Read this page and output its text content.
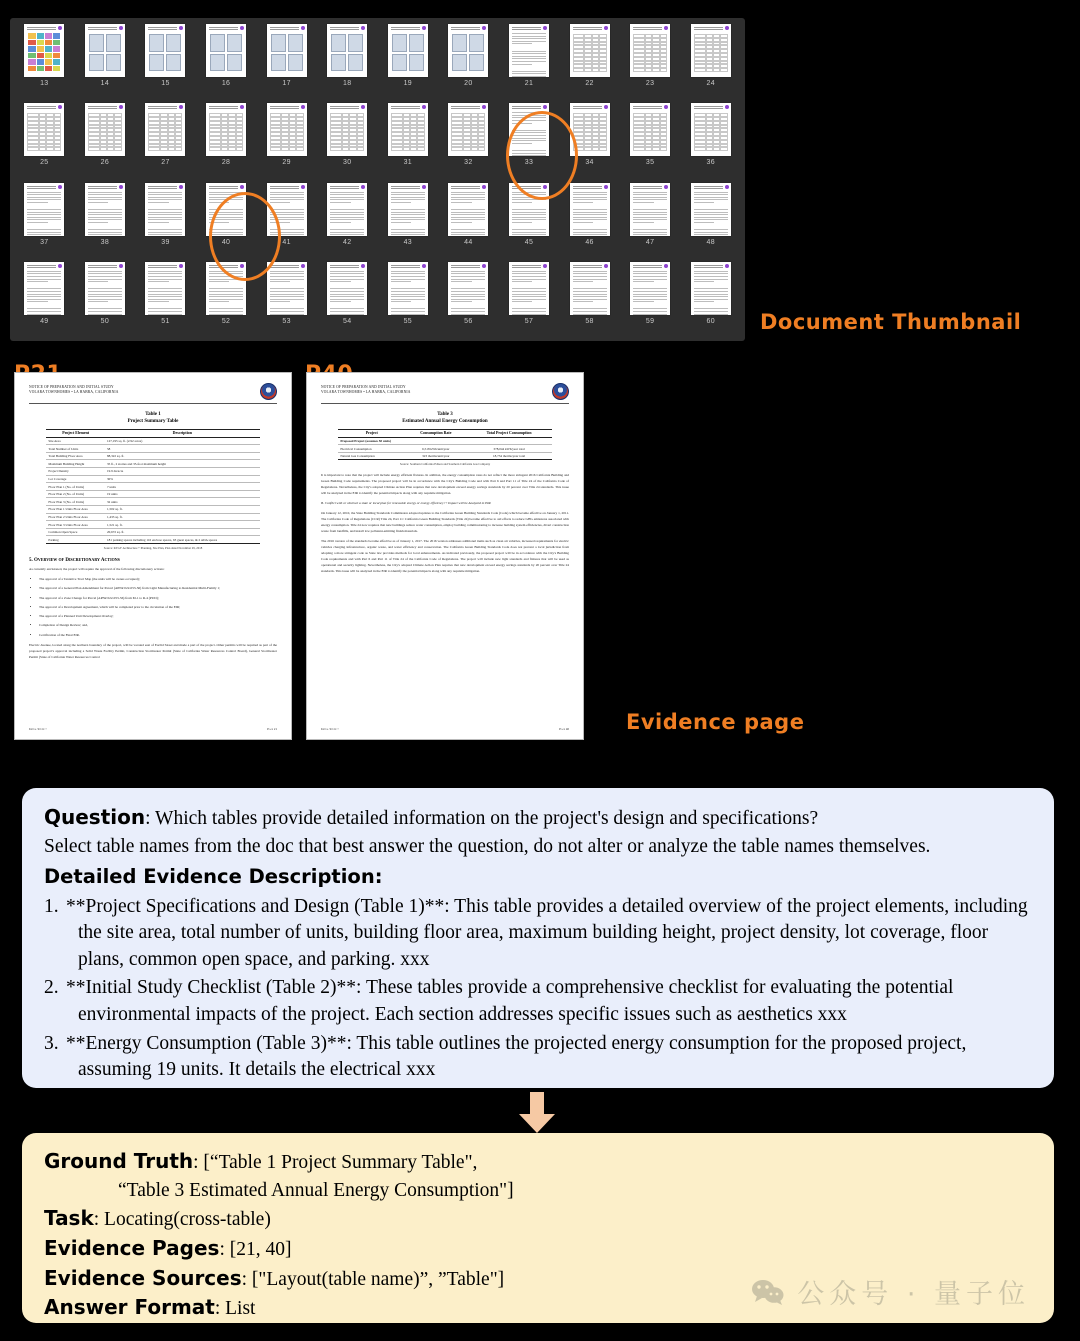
13	14	15	16	17	18	19	20	21	22	23	24
25	26	27	28	29	30	31	32	33	34	35	36
37	38	39	40	41	42	43	44	45	46	47	48
49	50	51	52	53	54	55	56	57	58	59	60 Document Thumbnail
NOTICE OF PREPARATION AND INITIAL STUDY
VOLARA TOWNHOMES • LA HABRA, CALIFORNIA
Table 1
Project Summary Table
Project Element	Description
Site Area	127,195 sq. ft. (2.92 acres)
Total Number of Units	58
Total Building Floor Area	88,322 sq. ft.
Maximum Building Height	35 ft., 2 stories and 35-foot maximum height
Project Density	19.9 du/acre
Lot Coverage	30%
Floor Plan 1 (No. of Units)	7 units
Floor Plan 2 (No. of Units)	19 units
Floor Plan 3 (No. of Units)	32 units
Floor Plan 1 Units Floor Area	1,502 sq. ft.
Floor Plan 2 Units Floor Area	1,433 sq. ft.
Floor Plan 3 Units Floor Area	1,521 sq. ft.
Common Open Space	20,672 sq. ft.
Parking	181 parking spaces including 116 enclose spaces, 63 guest spaces, & 2 ADA spaces
Source: KTGY Architecture + Planning, Site Plan, Plan dated November 29, 2018
5. Overview of Discretionary Actions

As currently envisioned, the project will require the approval of the following discretionary actions:

• The approval of a Tentative Tract Map (the units will be owner-occupied);
• The approval of a General Plan Amendment for Parcel (APN# 022-053-56) from Light Manufacturing to Residential Multi-Family 1;
• The approval of a Zone Change for Parcel (APN# 022-053-56) from M-1 to R-4 (PUD);
• The approval of a Development Agreement, which will be completed prior to the circulation of the EIR;
• The approval of a Planned Unit Development Overlay;
• Completion of Design Review; and,
• Certification of the Final EIR.

Electric Avenue, located along the northern boundary of the project, will be vacated east of Euclid Street and made a part of the project. Other permits will be required as part of the proposed project's approval including a Solid Waste Facility Permit, Construction Stormwater Permit (State of California Water Resources Control Board), General Stormwater Permit (State of California Water Resources Control

Initial Study •	Page 21
NOTICE OF PREPARATION AND INITIAL STUDY
VOLARA TOWNHOMES • LA HABRA, CALIFORNIA
Table 3
Estimated Annual Energy Consumption
Project	Consumption Rate	Total Project Consumption
Proposed Project (assumes 58 units)		
Electrical Consumption	6,518 kWh/unit/year	378,044 kWh/year total
Natural Gas Consumption	323 therms/unit/year	18,734 therms/year total
Source: Southern California Edison and Southern California Gas Company

It is important to note that the project will include energy efficient fixtures. In addition, the energy consumption rates do not reflect the more stringent 2016 California Building and Green Building Code requirements. The proposed project will be in accordance with the City's Building Code and with Part 6 and Part 11 of Title 24 of the California Code of Regulations. Nevertheless, the City's adopted Climate Action Plan requires that new development exceed energy savings standards by 20 percent over Title 24 standards. This issue will be analyzed in the EIR to identify the potential impacts along with any requisite mitigation.

B. Conflict with or obstruct a state or local plan for renewable energy or energy efficiency? • Impact will be Analyzed in EIR.

On January 12, 2010, the State Building Standards Commission adopted updates to the California Green Building Standards Code (Code) which became effective on January 1, 2011. The California Code of Regulations (CCR) Title 24, Part 11: California Green Building Standards (Title 24) became effective to aid efforts to reduce GHG emissions associated with energy consumption. Title 24 now requires that new buildings reduce water consumption, employ building commissioning to increase building system efficiencies, divert construction waste from landfills, and install low pollutant-emitting finish materials.

The 2016 version of the standards became effective as of January 1, 2017. The 2016 version addresses additional items such as clean air vehicles, increased requirements for electric vehicles charging infrastructure, organic waste, and water efficiency and conservation. The California Green Building Standards Code does not prevent a local jurisdiction from adopting a more stringent code as State law provides methods for local enhancements. As indicated previously, the proposed project will be in accordance with the City's Building Code requirements and with Part 6 and Part 11 of Title 24 of the California Code of Regulations. The project will include new light standards and fixtures that will be used as operational and security lighting. Nevertheless, the City's adopted Climate Action Plan requires that new development exceed energy savings standards by 20 percent over Title 24 standards. This issue will be analyzed in the EIR to identify the potential impacts along with any requisite mitigation.

Initial Study •	Page 40	Evidence page
Question: Which tables provide detailed information on the project's design and specifications?
Select table names from the doc that best answer the question, do not alter or analyze the table names themselves.
Detailed Evidence Description:
1. **Project Specifications and Design (Table 1)**: This table provides a detailed overview of the project elements, including the site area, total number of units, building floor area, maximum building height, project density, lot coverage, floor plans, common open space, and parking. xxx
2. **Initial Study Checklist (Table 2)**: These tables provide a comprehensive checklist for evaluating the potential environmental impacts of the project. Each section addresses specific issues such as aesthetics xxx
3. **Energy Consumption (Table 3)**: This table outlines the projected energy consumption for the proposed project, assuming 19 units. It details the electrical xxx
…
Ground Truth: [“Table 1 Project Summary Table",
“Table 3 Estimated Annual Energy Consumption"]
Task: Locating(cross-table)
Evidence Pages: [21, 40]
Evidence Sources: ["Layout(table name)”, ”Table"]
Answer Format: List	公众号 · 量子位
